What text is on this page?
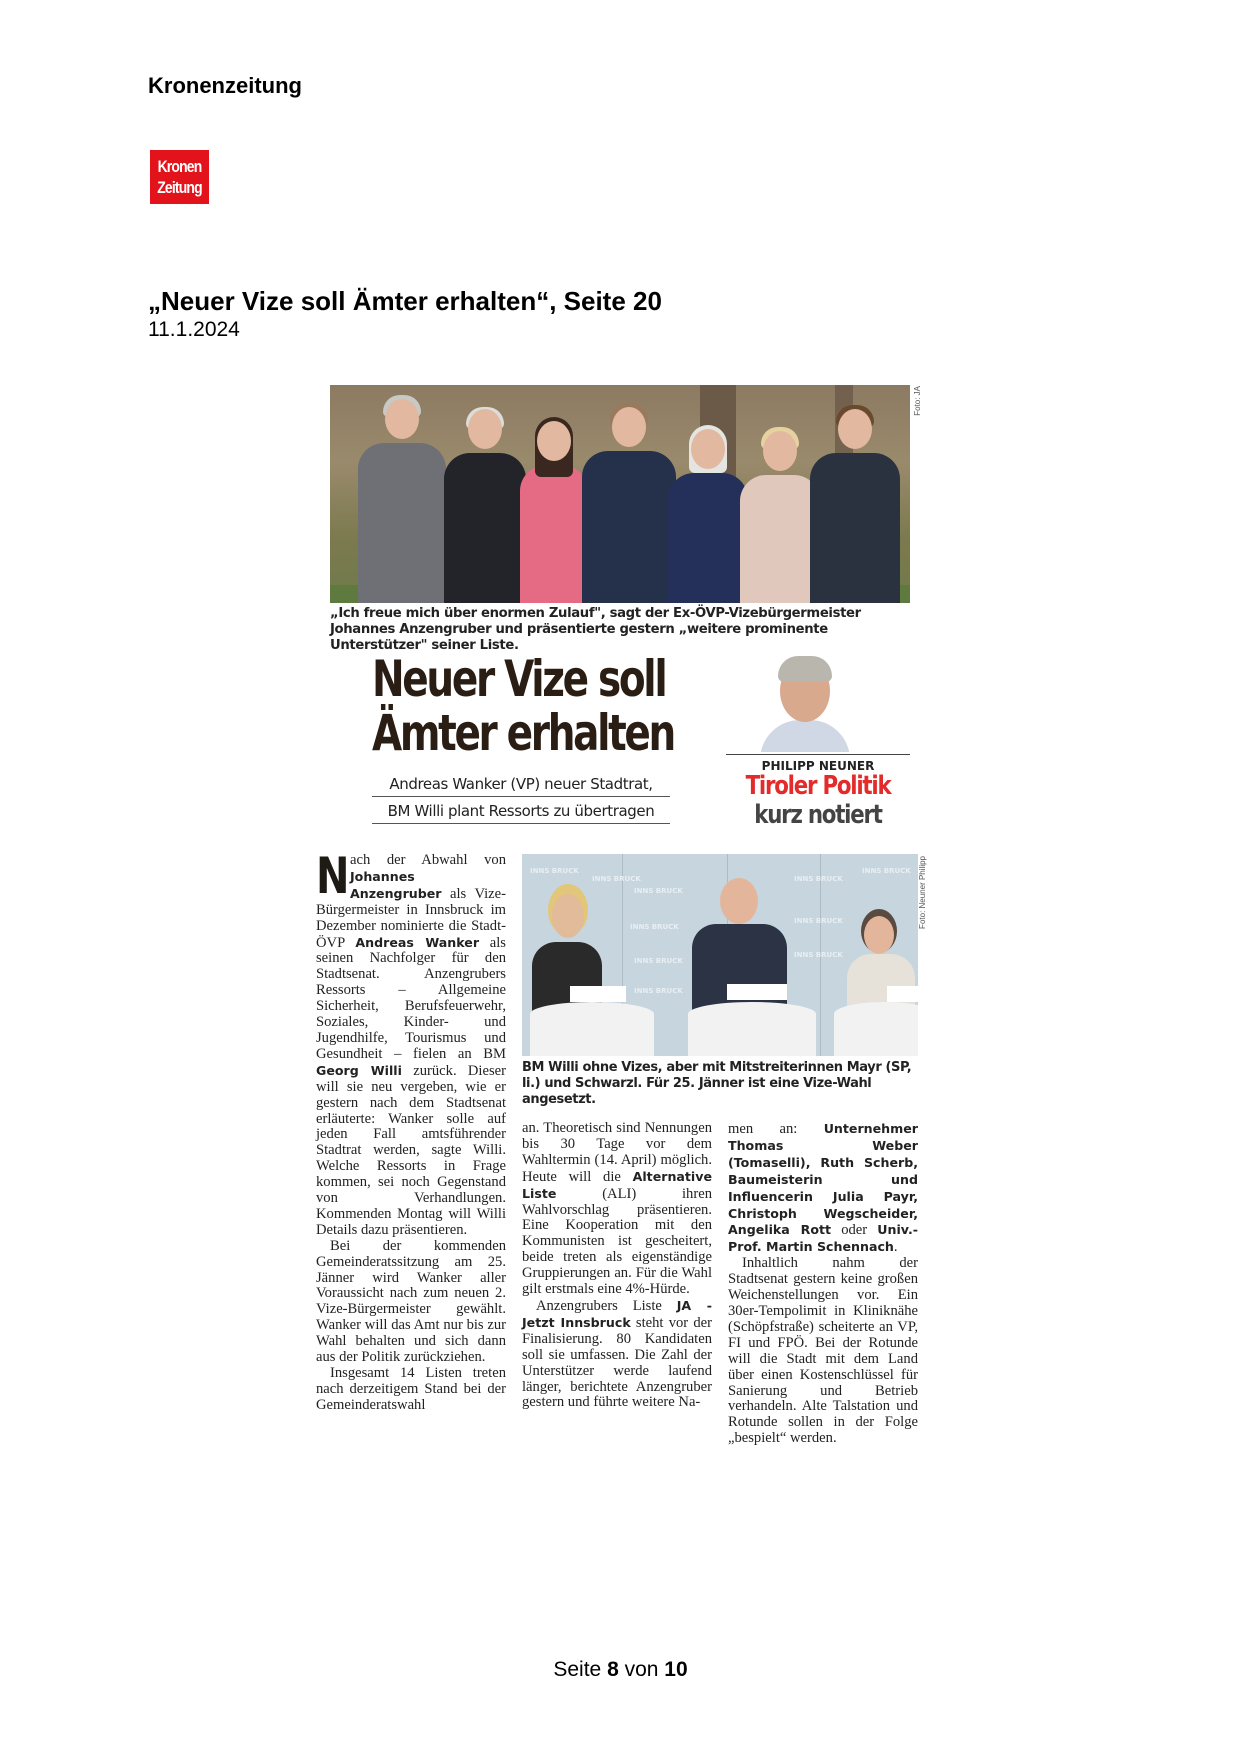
Kronenzeitung
Kronen
Zeitung
„Neuer Vize soll Ämter erhalten“, Seite 20
11.1.2024
Foto: JA
„Ich freue mich über enormen Zulauf", sagt der Ex-ÖVP-Vizebürgermeister Johannes Anzengruber und präsentierte gestern „weitere prominente Unterstützer" seiner Liste.
Neuer Vize soll
Ämter erhalten
Andreas Wanker (VP) neuer Stadtrat,
BM Willi plant Ressorts zu übertragen
PHILIPP NEUNER
Tiroler Politik
kurz notiert

Nach der Abwahl von Johannes Anzengruber als Vize-Bürgermeister in Innsbruck im Dezember nominierte die Stadt-ÖVP Andreas Wanker als seinen Nachfolger für den Stadtsenat. Anzengrubers Ressorts – Allgemeine Sicherheit, Berufsfeuerwehr, Soziales, Kinder- und Jugendhilfe, Tourismus und Gesundheit – fielen an BM Georg Willi zurück. Dieser will sie neu vergeben, wie er gestern nach dem Stadtsenat erläuterte: Wanker solle auf jeden Fall amtsführender Stadtrat werden, sagte Willi. Welche Ressorts in Frage kommen, sei noch Gegenstand von Verhandlungen. Kommenden Montag will Willi Details dazu präsentieren.

Bei der kommenden Gemeinderatssitzung am 25. Jänner wird Wanker aller Voraussicht nach zum neuen 2. Vize-Bürgermeister gewählt. Wanker will das Amt nur bis zur Wahl behalten und sich dann aus der Politik zurückziehen.

Insgesamt 14 Listen treten nach derzeitigem Stand bei der Gemeinderatswahl

INNS BRUCK
INNS BRUCK
INNS BRUCK
INNS BRUCK
INNS BRUCK
INNS BRUCK
INNS BRUCK
INNS BRUCK
INNS BRUCK
INNS BRUCK
Foto: Neuner Philipp
BM Willi ohne Vizes, aber mit Mitstreiterinnen Mayr (SP, li.) und Schwarzl. Für 25. Jänner ist eine Vize-Wahl angesetzt.

an. Theoretisch sind Nennungen bis 30 Tage vor dem Wahltermin (14. April) möglich. Heute will die Alternative Liste (ALI) ihren Wahlvorschlag präsentieren. Eine Kooperation mit den Kommunisten ist gescheitert, beide treten als eigenständige Gruppierungen an. Für die Wahl gilt erstmals eine 4%-Hürde.

Anzengrubers Liste JA - Jetzt Innsbruck steht vor der Finalisierung. 80 Kandidaten soll sie umfassen. Die Zahl der Unterstützer werde laufend länger, berichtete Anzengruber gestern und führte weitere Na-

men an: Unternehmer Thomas Weber (Tomaselli), Ruth Scherb, Baumeisterin und Influencerin Julia Payr, Christoph Wegscheider, Angelika Rott oder Univ.-Prof. Martin Schennach.

Inhaltlich nahm der Stadtsenat gestern keine großen Weichenstellungen vor. Ein 30er-Tempolimit in Kliniknähe (Schöpfstraße) scheiterte an VP, FI und FPÖ. Bei der Rotunde will die Stadt mit dem Land über einen Kostenschlüssel für Sanierung und Betrieb verhandeln. Alte Talstation und Rotunde sollen in der Folge „bespielt“ werden.

Seite 8 von 10
